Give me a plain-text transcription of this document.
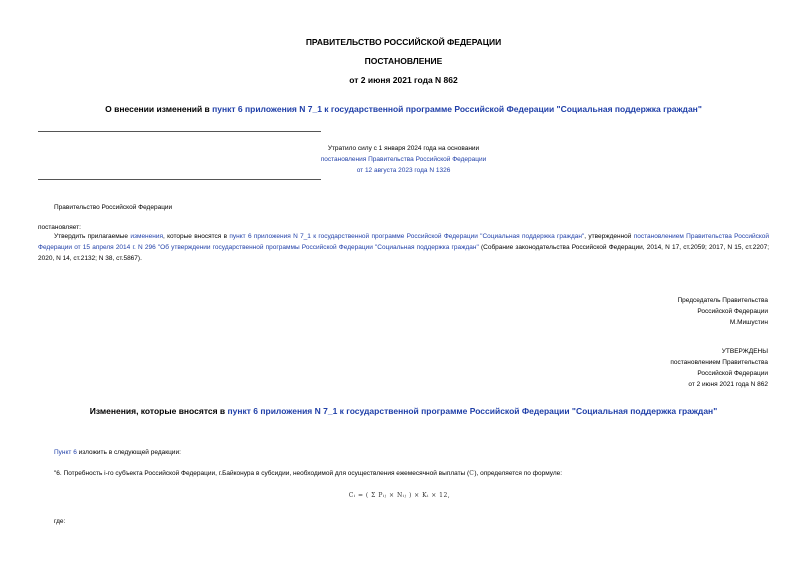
ПРАВИТЕЛЬСТВО РОССИЙСКОЙ ФЕДЕРАЦИИ
ПОСТАНОВЛЕНИЕ
от 2 июня 2021 года N 862
О внесении изменений в пункт 6 приложения N 7_1 к государственной программе Российской Федерации "Социальная поддержка граждан"
Утратило силу с 1 января 2024 года на основании
постановления Правительства Российской Федерации
от 12 августа 2023 года N 1326
Правительство Российской Федерации
постановляет:
Утвердить прилагаемые изменения, которые вносятся в пункт 6 приложения N 7_1 к государственной программе Российской Федерации "Социальная поддержка граждан", утвержденной постановлением Правительства Российской Федерации от 15 апреля 2014 г. N 296 "Об утверждении государственной программы Российской Федерации "Социальная поддержка граждан" (Собрание законодательства Российской Федерации, 2014, N 17, ст.2059; 2017, N 15, ст.2207; 2020, N 14, ст.2132; N 38, ст.5867).
Председатель Правительства
Российской Федерации
М.Мишустин
УТВЕРЖДЕНЫ
постановлением Правительства
Российской Федерации
от 2 июня 2021 года N 862
Изменения, которые вносятся в пункт 6 приложения N 7_1 к государственной программе Российской Федерации "Социальная поддержка граждан"
Пункт 6 изложить в следующей редакции:
"6. Потребность i-го субъекта Российской Федерации, г.Байконура в субсидии, необходимой для осуществления ежемесячной выплаты (C), определяется по формуле:
Cᵢ = ( Σ Pᵢⱼ × Nᵢⱼ ) × Kᵢ × 12,
где:
